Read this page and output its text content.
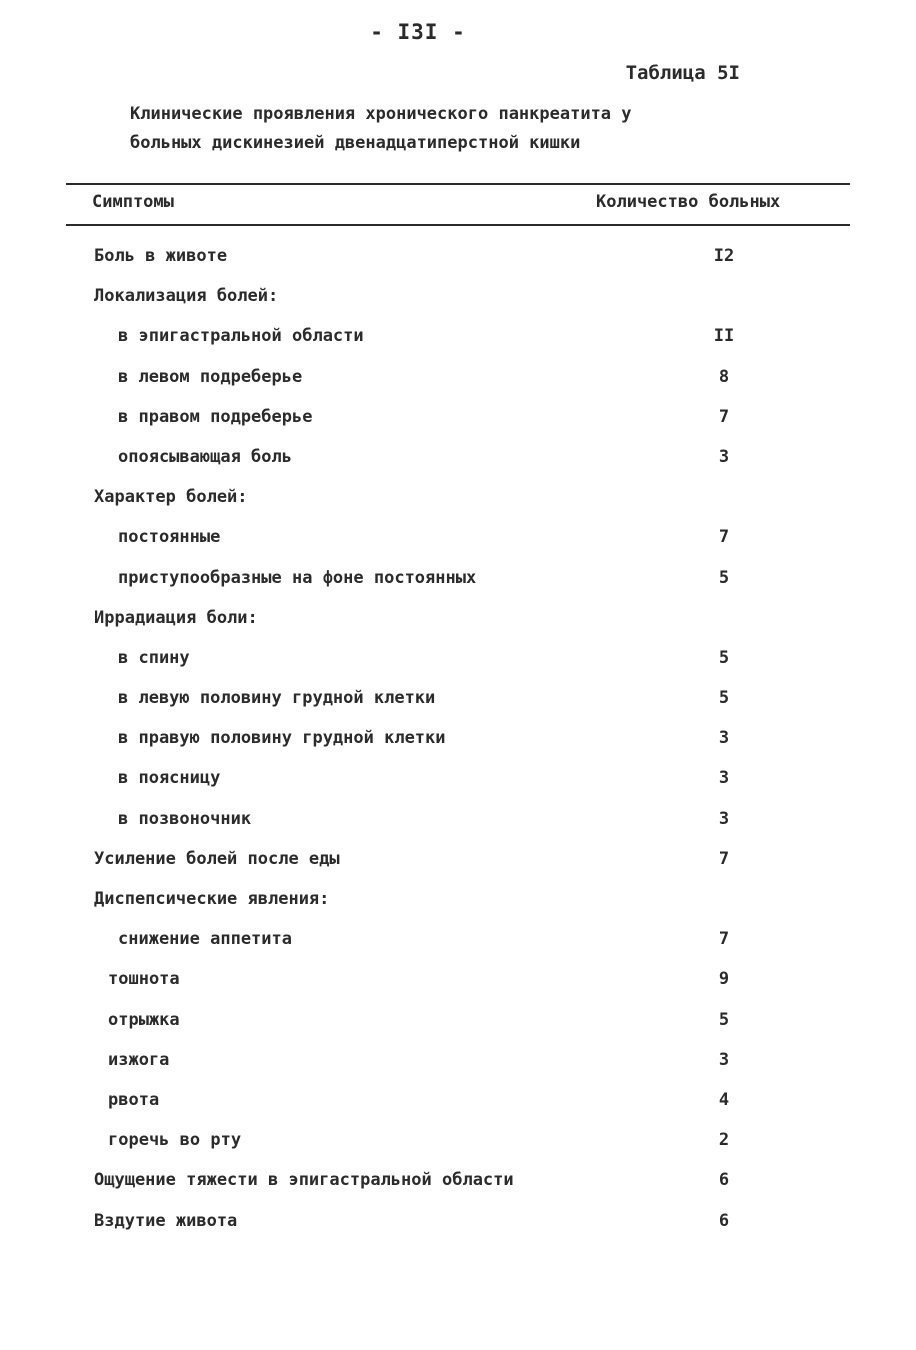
- I3I -
Таблица 5I
Клинические проявления хронического панкреатита у
больных дискинезией двенадцатиперстной кишки
Симптомы	Количество больных
Боль в животе	I2
Локализация болей:
в эпигастральной области	II
в левом подреберье	8
в правом подреберье	7
опоясывающая боль	3
Характер болей:
постоянные	7
приступообразные на фоне постоянных	5
Иррадиация боли:
в спину	5
в левую половину грудной клетки	5
в правую половину грудной клетки	3
в поясницу	3
в позвоночник	3
Усиление болей после еды	7
Диспепсические явления:
снижение аппетита	7
тошнота	9
отрыжка	5
изжога	3
рвота	4
горечь во рту	2
Ощущение тяжести в эпигастральной области	6
Вздутие живота	6
